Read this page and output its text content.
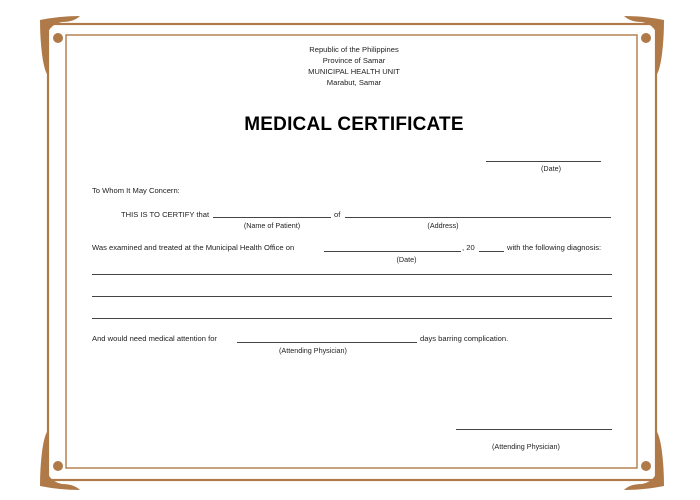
Republic of the Philippines
Province of Samar
MUNICIPAL HEALTH UNIT
Marabut, Samar
MEDICAL CERTIFICATE
(Date)
To Whom It May Concern:
THIS IS TO CERTIFY that	of
(Name of Patient)	(Address)
Was examined and treated at the Municipal Health Office on	, 20	with the following diagnosis:
(Date)
And would need medical attention for	days barring complication.
(Attending Physician)
(Attending Physician)
